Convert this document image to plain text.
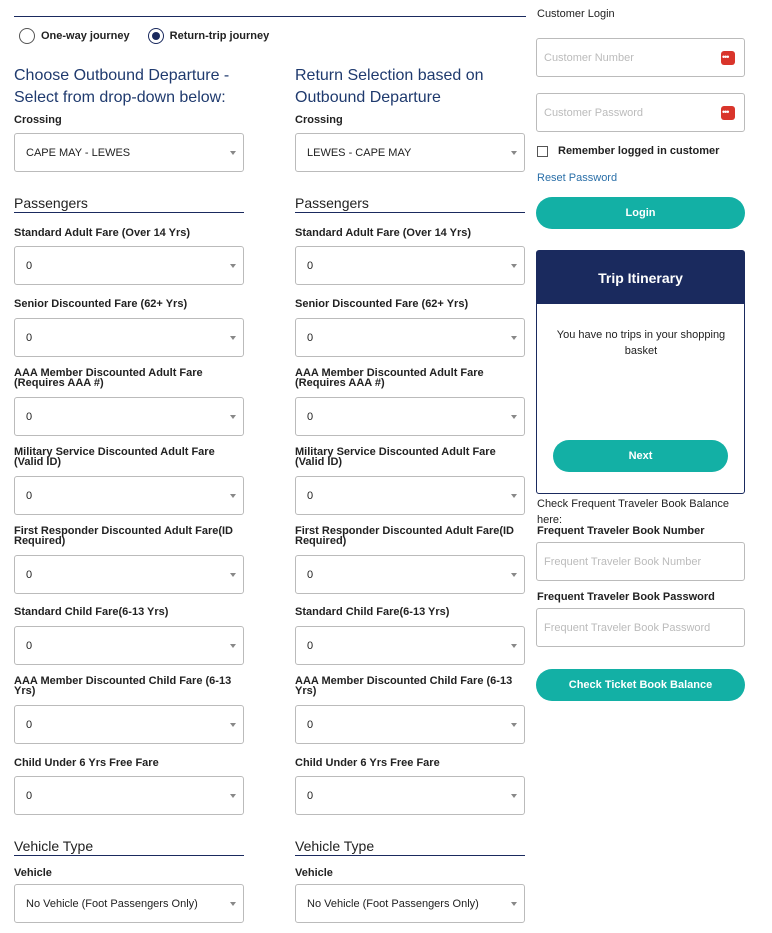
One-way journey	Return-trip journey
Choose Outbound Departure - Select from drop-down below:
Crossing
CAPE MAY - LEWES
Passengers
Standard Adult Fare (Over 14 Yrs)
0
Senior Discounted Fare (62+ Yrs)
0
AAA Member Discounted Adult Fare (Requires AAA #)
0
Military Service Discounted Adult Fare (Valid ID)
0
First Responder Discounted Adult Fare(ID Required)
0
Standard Child Fare(6-13 Yrs)
0
AAA Member Discounted Child Fare (6-13 Yrs)
0
Child Under 6 Yrs Free Fare
0
Vehicle Type
Vehicle
No Vehicle (Foot Passengers Only)
Return Selection based on Outbound Departure
Crossing
LEWES - CAPE MAY
Passengers
Standard Adult Fare (Over 14 Yrs)
0
Senior Discounted Fare (62+ Yrs)
0
AAA Member Discounted Adult Fare (Requires AAA #)
0
Military Service Discounted Adult Fare (Valid ID)
0
First Responder Discounted Adult Fare(ID Required)
0
Standard Child Fare(6-13 Yrs)
0
AAA Member Discounted Child Fare (6-13 Yrs)
0
Child Under 6 Yrs Free Fare
0
Vehicle Type
Vehicle
No Vehicle (Foot Passengers Only)
Customer Login
Customer Number
•••
Customer Password
•••
Remember logged in customer
Reset Password
Login
Trip Itinerary
You have no trips in your shopping basket
Next
Check Frequent Traveler Book Balance here:
Frequent Traveler Book Number
Frequent Traveler Book Number
Frequent Traveler Book Password
Frequent Traveler Book Password
Check Ticket Book Balance
